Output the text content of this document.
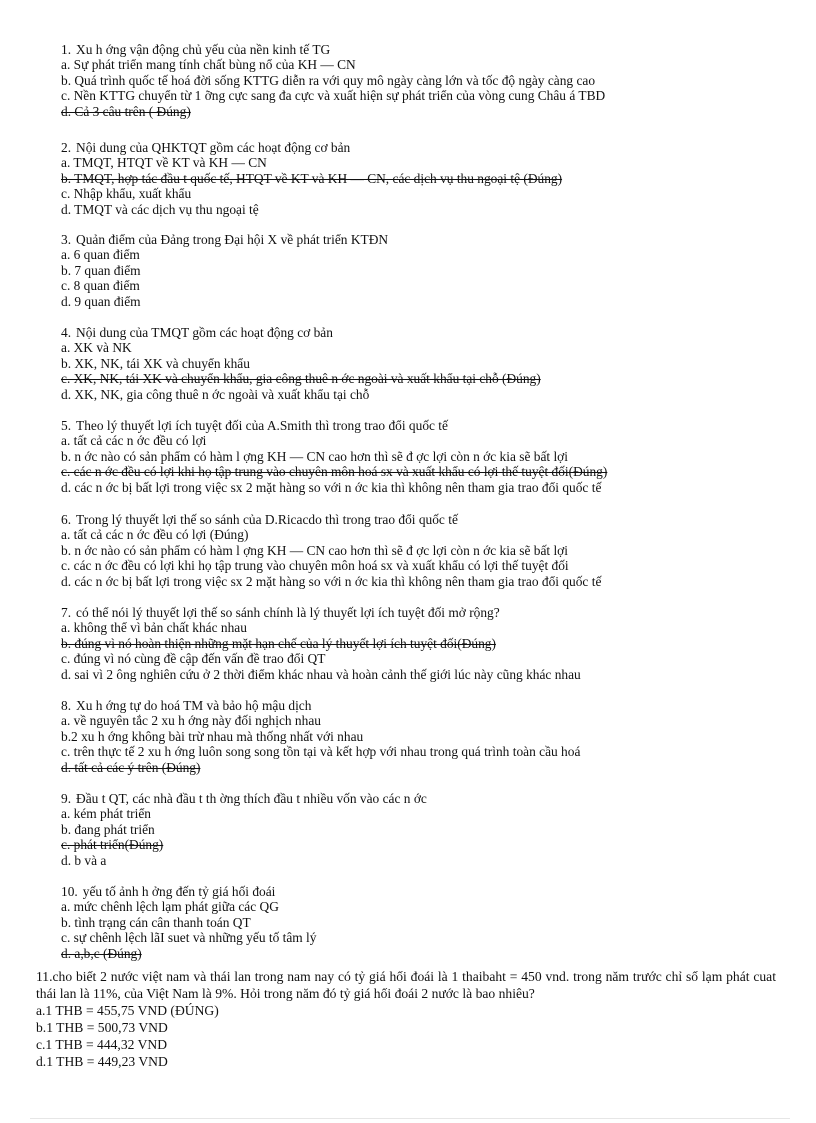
1. Xu h ớng vận động chủ yếu của nền kinh tế TG
a. Sự phát triển mang tính chất bùng nổ của KH — CN
b. Quá trình quốc tế hoá đời sống KTTG diễn ra với quy mô ngày càng lớn và tốc độ ngày càng cao
c. Nền KTTG chuyển từ 1 ỡng cực sang đa cực và xuất hiện sự phát triển của vòng cung Châu á TBD
d. Cả 3 câu trên ( Đúng)
2. Nội dung của QHKTQT gồm các hoạt động cơ bản
a. TMQT, HTQT về KT và KH — CN
b. TMQT, hợp tác đầu t quốc tế, HTQT về KT và KH — CN, các dịch vụ thu ngoại tệ (Đúng)
c. Nhập khẩu, xuất khẩu
d. TMQT và các dịch vụ thu ngoại tệ
3. Quản điểm của Đảng trong Đại hội X về phát triển KTĐN
a. 6 quan điểm
b. 7 quan điểm
c. 8 quan điểm
d. 9 quan điểm
4. Nội dung của TMQT gồm các hoạt động cơ bản
a. XK và NK
b. XK, NK, tái XK và chuyển khẩu
c. XK, NK, tái XK và chuyển khẩu, gia công thuê n ớc ngoài và xuất khẩu tại chỗ (Đúng)
d. XK, NK, gia công thuê n ớc ngoài và xuất khẩu tại chỗ
5. Theo lý thuyết lợi ích tuyệt đối của A.Smith thì trong trao đổi quốc tế
a. tất cả các n ớc đều có lợi
b. n ớc nào có sản phẩm có hàm l ợng KH — CN cao hơn thì sẽ đ ợc lợi còn n ớc kia sẽ bất lợi
c. các n ớc đều có lợi khi họ tập trung vào chuyên môn hoá sx và xuất khẩu có lợi thế tuyệt đối(Đúng)
d. các n ớc bị bất lợi trong việc sx 2 mặt hàng so với n ớc kia thì không nên tham gia trao đổi quốc tế
6. Trong lý thuyết lợi thế so sánh của D.Ricacdo thì trong trao đổi quốc tế
a. tất cả các n ớc đều có lợi (Đúng)
b. n ớc nào có sản phẩm có hàm l ợng KH — CN cao hơn thì sẽ đ ợc lợi còn n ớc kia sẽ bất lợi
c. các n ớc đều có lợi khi họ tập trung vào chuyên môn hoá sx và xuất khẩu có lợi thế tuyệt đối
d. các n ớc bị bất lợi trong việc sx 2 mặt hàng so với n ớc kia thì không nên tham gia trao đổi quốc tế
7. có thể nói lý thuyết lợi thế so sánh chính là lý thuyết lợi ích tuyệt đối mở rộng?
a. không thể vì bản chất khác nhau
b. đúng vì nó hoàn thiện những mặt hạn chế của lý thuyết lợi ích tuyệt đối(Đúng)
c. đúng vì nó cùng đề cập đến vấn đề trao đổi QT
d. sai vì 2 ông nghiên cứu ở 2 thời điểm khác nhau và hoàn cảnh thế giới lúc này cũng khác nhau
8. Xu h ớng tự do hoá TM và bảo hộ mậu dịch
a. về nguyên tắc 2 xu h ớng này đối nghịch nhau
b.2 xu h ớng không bài trừ nhau mà thống nhất với nhau
c. trên thực tế 2 xu h ớng luôn song song tồn tại và kết hợp với nhau trong quá trình toàn cầu hoá
d. tất cả các ý trên (Đúng)
9. Đầu t QT, các nhà đầu t th ờng thích đầu t nhiều vốn vào các n ớc
a. kém phát triển
b. đang phát triển
c. phát triển(Đúng)
d. b và a
10. yếu tố ảnh h ởng đến tỷ giá hối đoái
a. mức chênh lệch lạm phát giữa các QG
b. tình trạng cán cân thanh toán QT
c. sự chênh lệch lãI suet và những yếu tố tâm lý
d. a,b,c (Đúng)
11.cho biết 2 nước việt nam và thái lan trong nam nay có tỷ giá hối đoái là 1 thaibaht = 450 vnd. trong năm trước chỉ số lạm phát cuat thái lan là 11%, của Việt Nam là 9%. Hỏi trong năm đó tỷ giá hối đoái 2 nước là bao nhiêu?
a.1 THB = 455,75 VND (ĐÚNG)
b.1 THB = 500,73 VND
c.1 THB = 444,32 VND
d.1 THB = 449,23 VND
